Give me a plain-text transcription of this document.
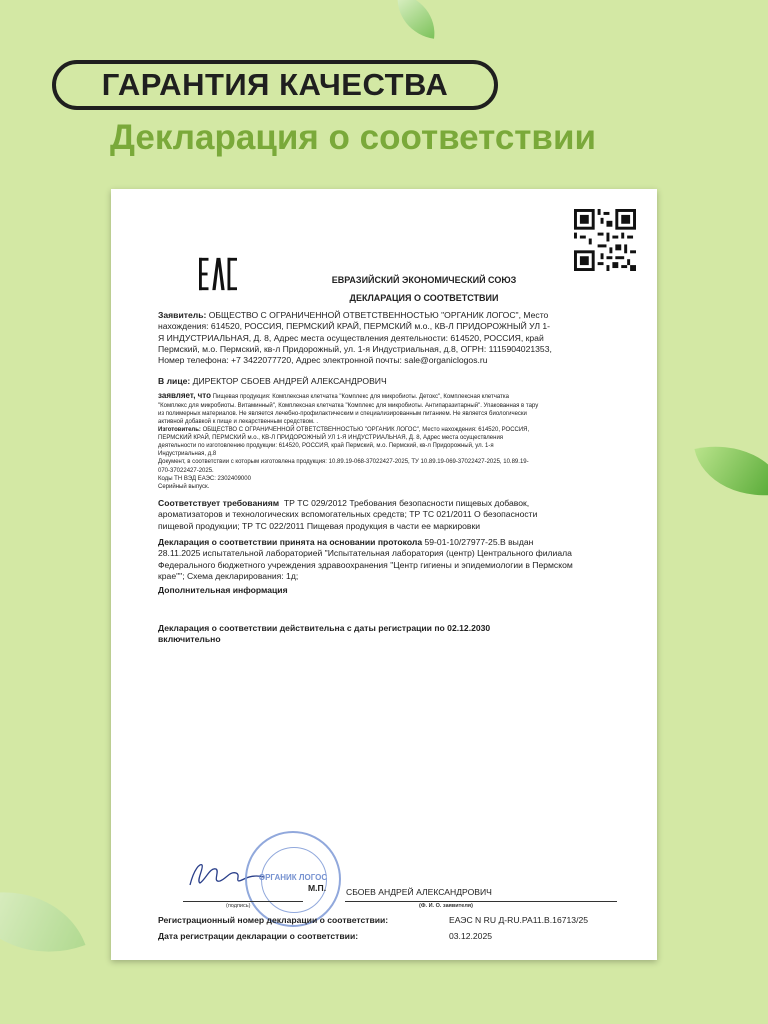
ГАРАНТИЯ КАЧЕСТВА
Декларация о соответствии
ЕВРАЗИЙСКИЙ ЭКОНОМИЧЕСКИЙ СОЮЗ
ДЕКЛАРАЦИЯ О СООТВЕТСТВИИ
Заявитель: ОБЩЕСТВО С ОГРАНИЧЕННОЙ ОТВЕТСТВЕННОСТЬЮ "ОРГАНИК ЛОГОС", Место
нахождения: 614520, РОССИЯ, ПЕРМСКИЙ КРАЙ, ПЕРМСКИЙ м.о., КВ-Л ПРИДОРОЖНЫЙ УЛ 1-
Я ИНДУСТРИАЛЬНАЯ, Д. 8, Адрес места осуществления деятельности: 614520, РОССИЯ, край
Пермский, м.о. Пермский, кв-л Придорожный, ул. 1-я Индустриальная, д.8, ОГРН: 1115904021353,
Номер телефона: +7 3422077720, Адрес электронной почты: sale@organiclogos.ru
В лице: ДИРЕКТОР СБОЕВ АНДРЕЙ АЛЕКСАНДРОВИЧ
заявляет, что Пищевая продукция: Комплексная клетчатка "Комплекс для микробиоты. Детокс", Комплексная клетчатка
"Комплекс для микробиоты. Витаминный", Комплексная клетчатка "Комплекс для микробиоты. Антипаразитарный". Упакованная в тару
из полимерных материалов. Не является лечебно-профилактическим и специализированным питанием. Не является биологически
активной добавкой к пище и лекарственным средством. .
Изготовитель: ОБЩЕСТВО С ОГРАНИЧЕННОЙ ОТВЕТСТВЕННОСТЬЮ "ОРГАНИК ЛОГОС", Место нахождения: 614520, РОССИЯ,
ПЕРМСКИЙ КРАЙ, ПЕРМСКИЙ м.о., КВ-Л ПРИДОРОЖНЫЙ УЛ 1-Я ИНДУСТРИАЛЬНАЯ, Д. 8, Адрес места осуществления
деятельности по изготовлению продукции: 614520, РОССИЯ, край Пермский, м.о. Пермский, кв-л Придорожный, ул. 1-я
Индустриальная, д.8
Документ, в соответствии с которым изготовлена продукция: 10.89.19-068-37022427-2025, ТУ 10.89.19-069-37022427-2025, 10.89.19-
070-37022427-2025.
Коды ТН ВЭД ЕАЭС: 2302409000
Серийный выпуск.
Соответствует требованиям ТР ТС 029/2012 Требования безопасности пищевых добавок,
ароматизаторов и технологических вспомогательных средств; ТР ТС 021/2011 О безопасности
пищевой продукции; ТР ТС 022/2011 Пищевая продукция в части ее маркировки
Декларация о соответствии принята на основании протокола 59-01-10/27977-25.В выдан
28.11.2025 испытательной лабораторией "Испытательная лаборатория (центр) Центрального филиала
Федерального бюджетного учреждения здравоохранения "Центр гигиены и эпидемиологии в Пермском
крае""; Схема декларирования: 1д;
Дополнительная информация
Декларация о соответствии действительна с даты регистрации по 02.12.2030
включительно
ОРГАНИК ЛОГОС
М.П. СБОЕВ АНДРЕЙ АЛЕКСАНДРОВИЧ
(подпись)	(Ф. И. О. заявителя)
Регистрационный номер декларации о соответствии:	ЕАЭС N RU Д-RU.PA11.B.16713/25
Дата регистрации декларации о соответствии:	03.12.2025
